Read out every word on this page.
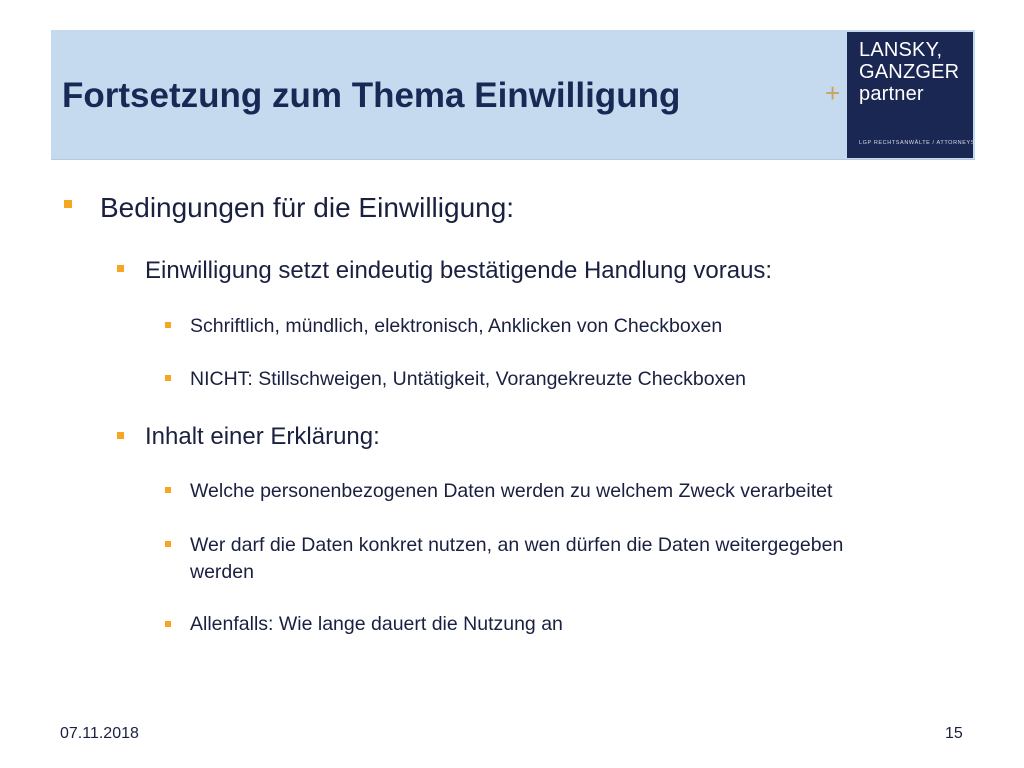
Fortsetzung zum Thema Einwilligung	+
LANSKY,
GANZGER
partner
LGP RECHTSANWÄLTE / ATTORNEYS
Bedingungen für die Einwilligung:
Einwilligung setzt eindeutig bestätigende Handlung voraus:
Schriftlich, mündlich, elektronisch, Anklicken von Checkboxen
NICHT: Stillschweigen, Untätigkeit, Vorangekreuzte Checkboxen
Inhalt einer Erklärung:
Welche personenbezogenen Daten werden zu welchem Zweck verarbeitet
Wer darf die Daten konkret nutzen, an wen dürfen die Daten weitergegeben
werden
Allenfalls: Wie lange dauert die Nutzung an
07.11.2018	15
